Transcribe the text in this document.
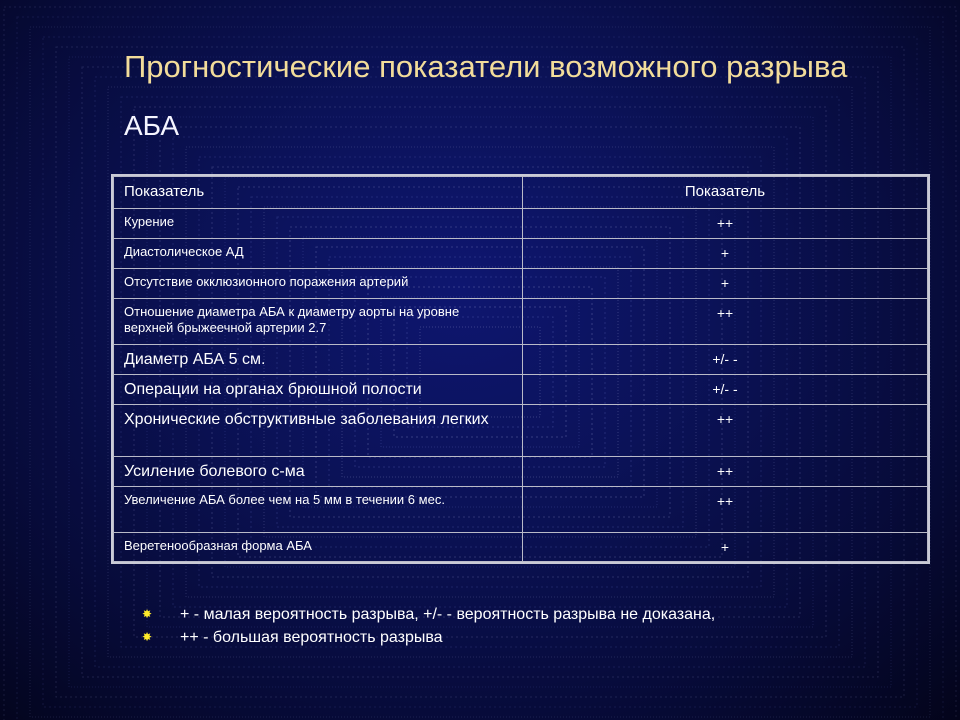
Прогностические показатели возможного разрыва
АБА
Показатель	Показатель
Курение	++
Диастолическое АД	+
Отсутствие окклюзионного поражения артерий	+
Отношение диаметра АБА к диаметру аорты на уровне верхней брыжеечной артерии 2.7	++
Диаметр АБА 5 см.	+/- -
Операции на органах брюшной полости	+/- -
Хронические обструктивные заболевания легких	++
Усиление болевого с-ма	++
Увеличение АБА более чем на 5 мм в течении 6 мес.	++
Веретенообразная форма АБА	+
✸ + - малая вероятность разрыва, +/- - вероятность разрыва не доказана,
✸ ++ - большая вероятность разрыва
